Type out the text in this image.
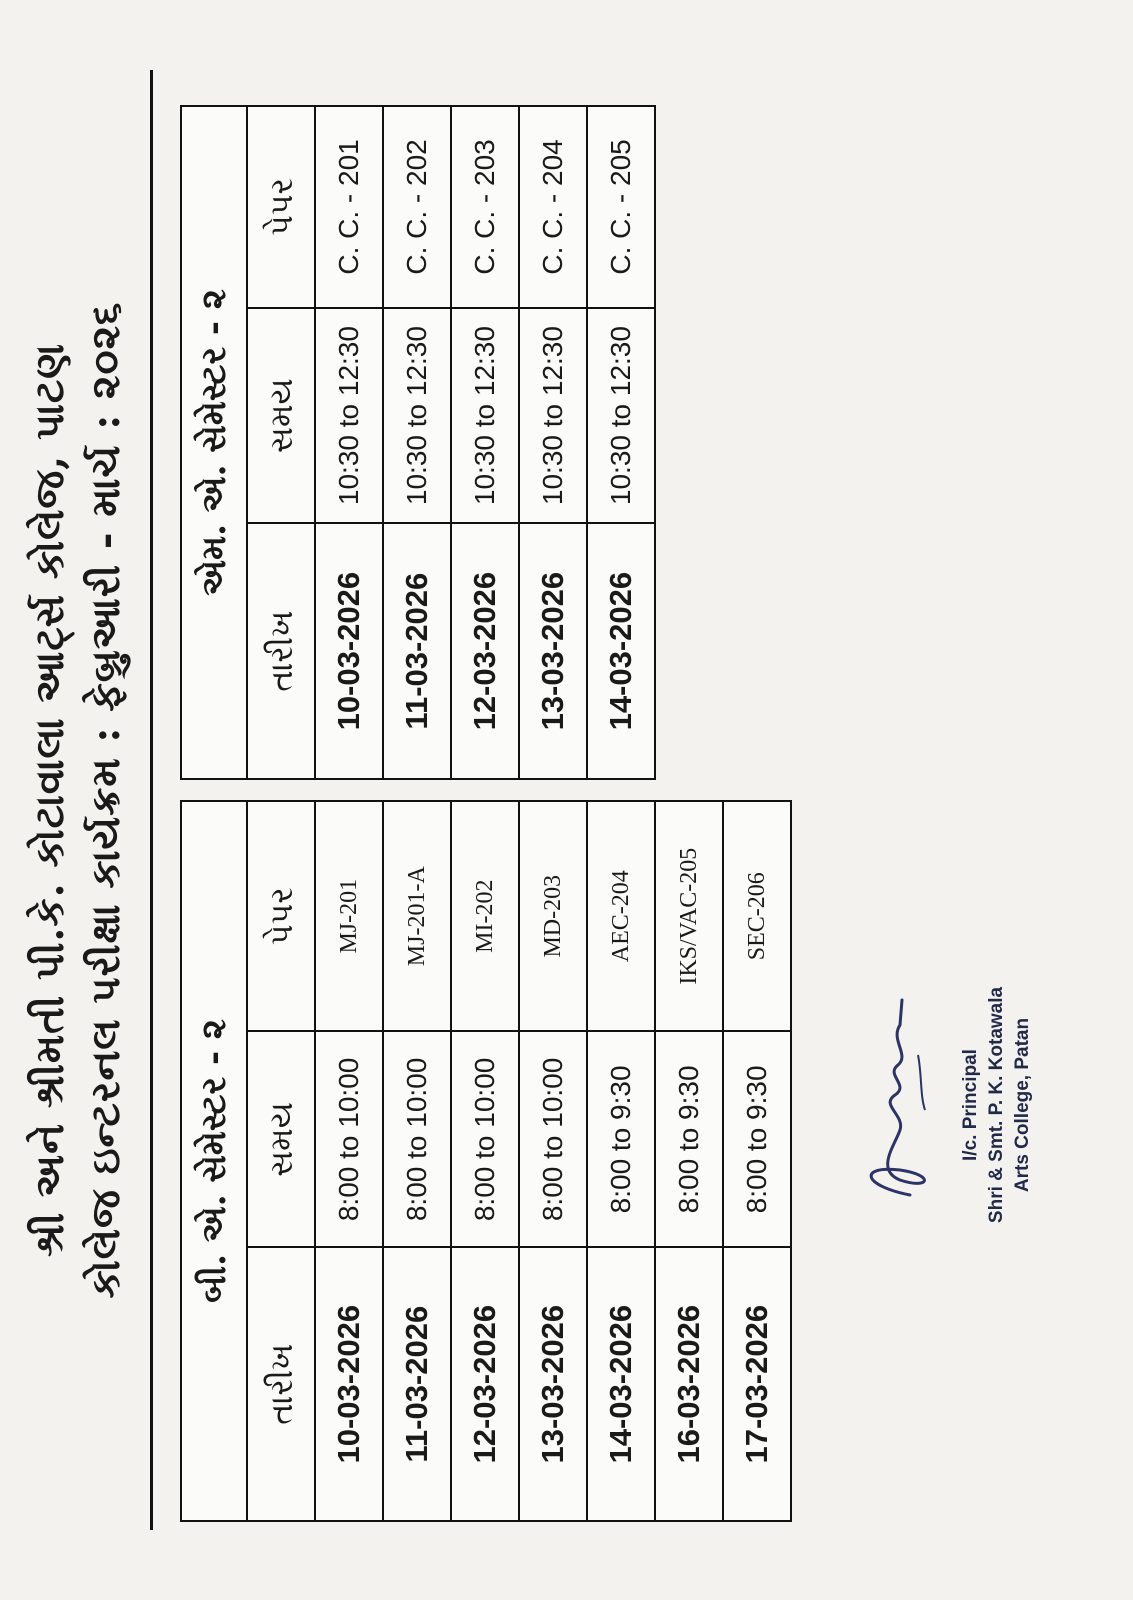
શ્રી અને શ્રીમતી પી.કે. કોટાવાલા આર્ટ્સ કોલેજ, પાટણ કોલેજ ઇન્ટરનલ પરીક્ષા કાર્યક્રમ : ફેબ્રુઆરી - માર્ચ : ૨૦૨૬ બી. એ. સેમેસ્ટર - ૨		
તારીખ	સમય	પેપર
10-03-2026	8:00 to 10:00	MJ-201
11-03-2026	8:00 to 10:00	MJ-201-A
12-03-2026	8:00 to 10:00	MI-202
13-03-2026	8:00 to 10:00	MD-203
14-03-2026	8:00 to 9:30	AEC-204
16-03-2026	8:00 to 9:30	IKS/VAC-205
17-03-2026	8:00 to 9:30	SEC-206
એમ. એ. સેમેસ્ટર - ૨		
તારીખ	સમય	પેપર
10-03-2026	10:30 to 12:30	C. C. - 201
11-03-2026	10:30 to 12:30	C. C. - 202
12-03-2026	10:30 to 12:30	C. C. - 203
13-03-2026	10:30 to 12:30	C. C. - 204
14-03-2026	10:30 to 12:30	C. C. - 205
I/c. Principal Shri & Smt. P. K. Kotawala Arts College, Patan
